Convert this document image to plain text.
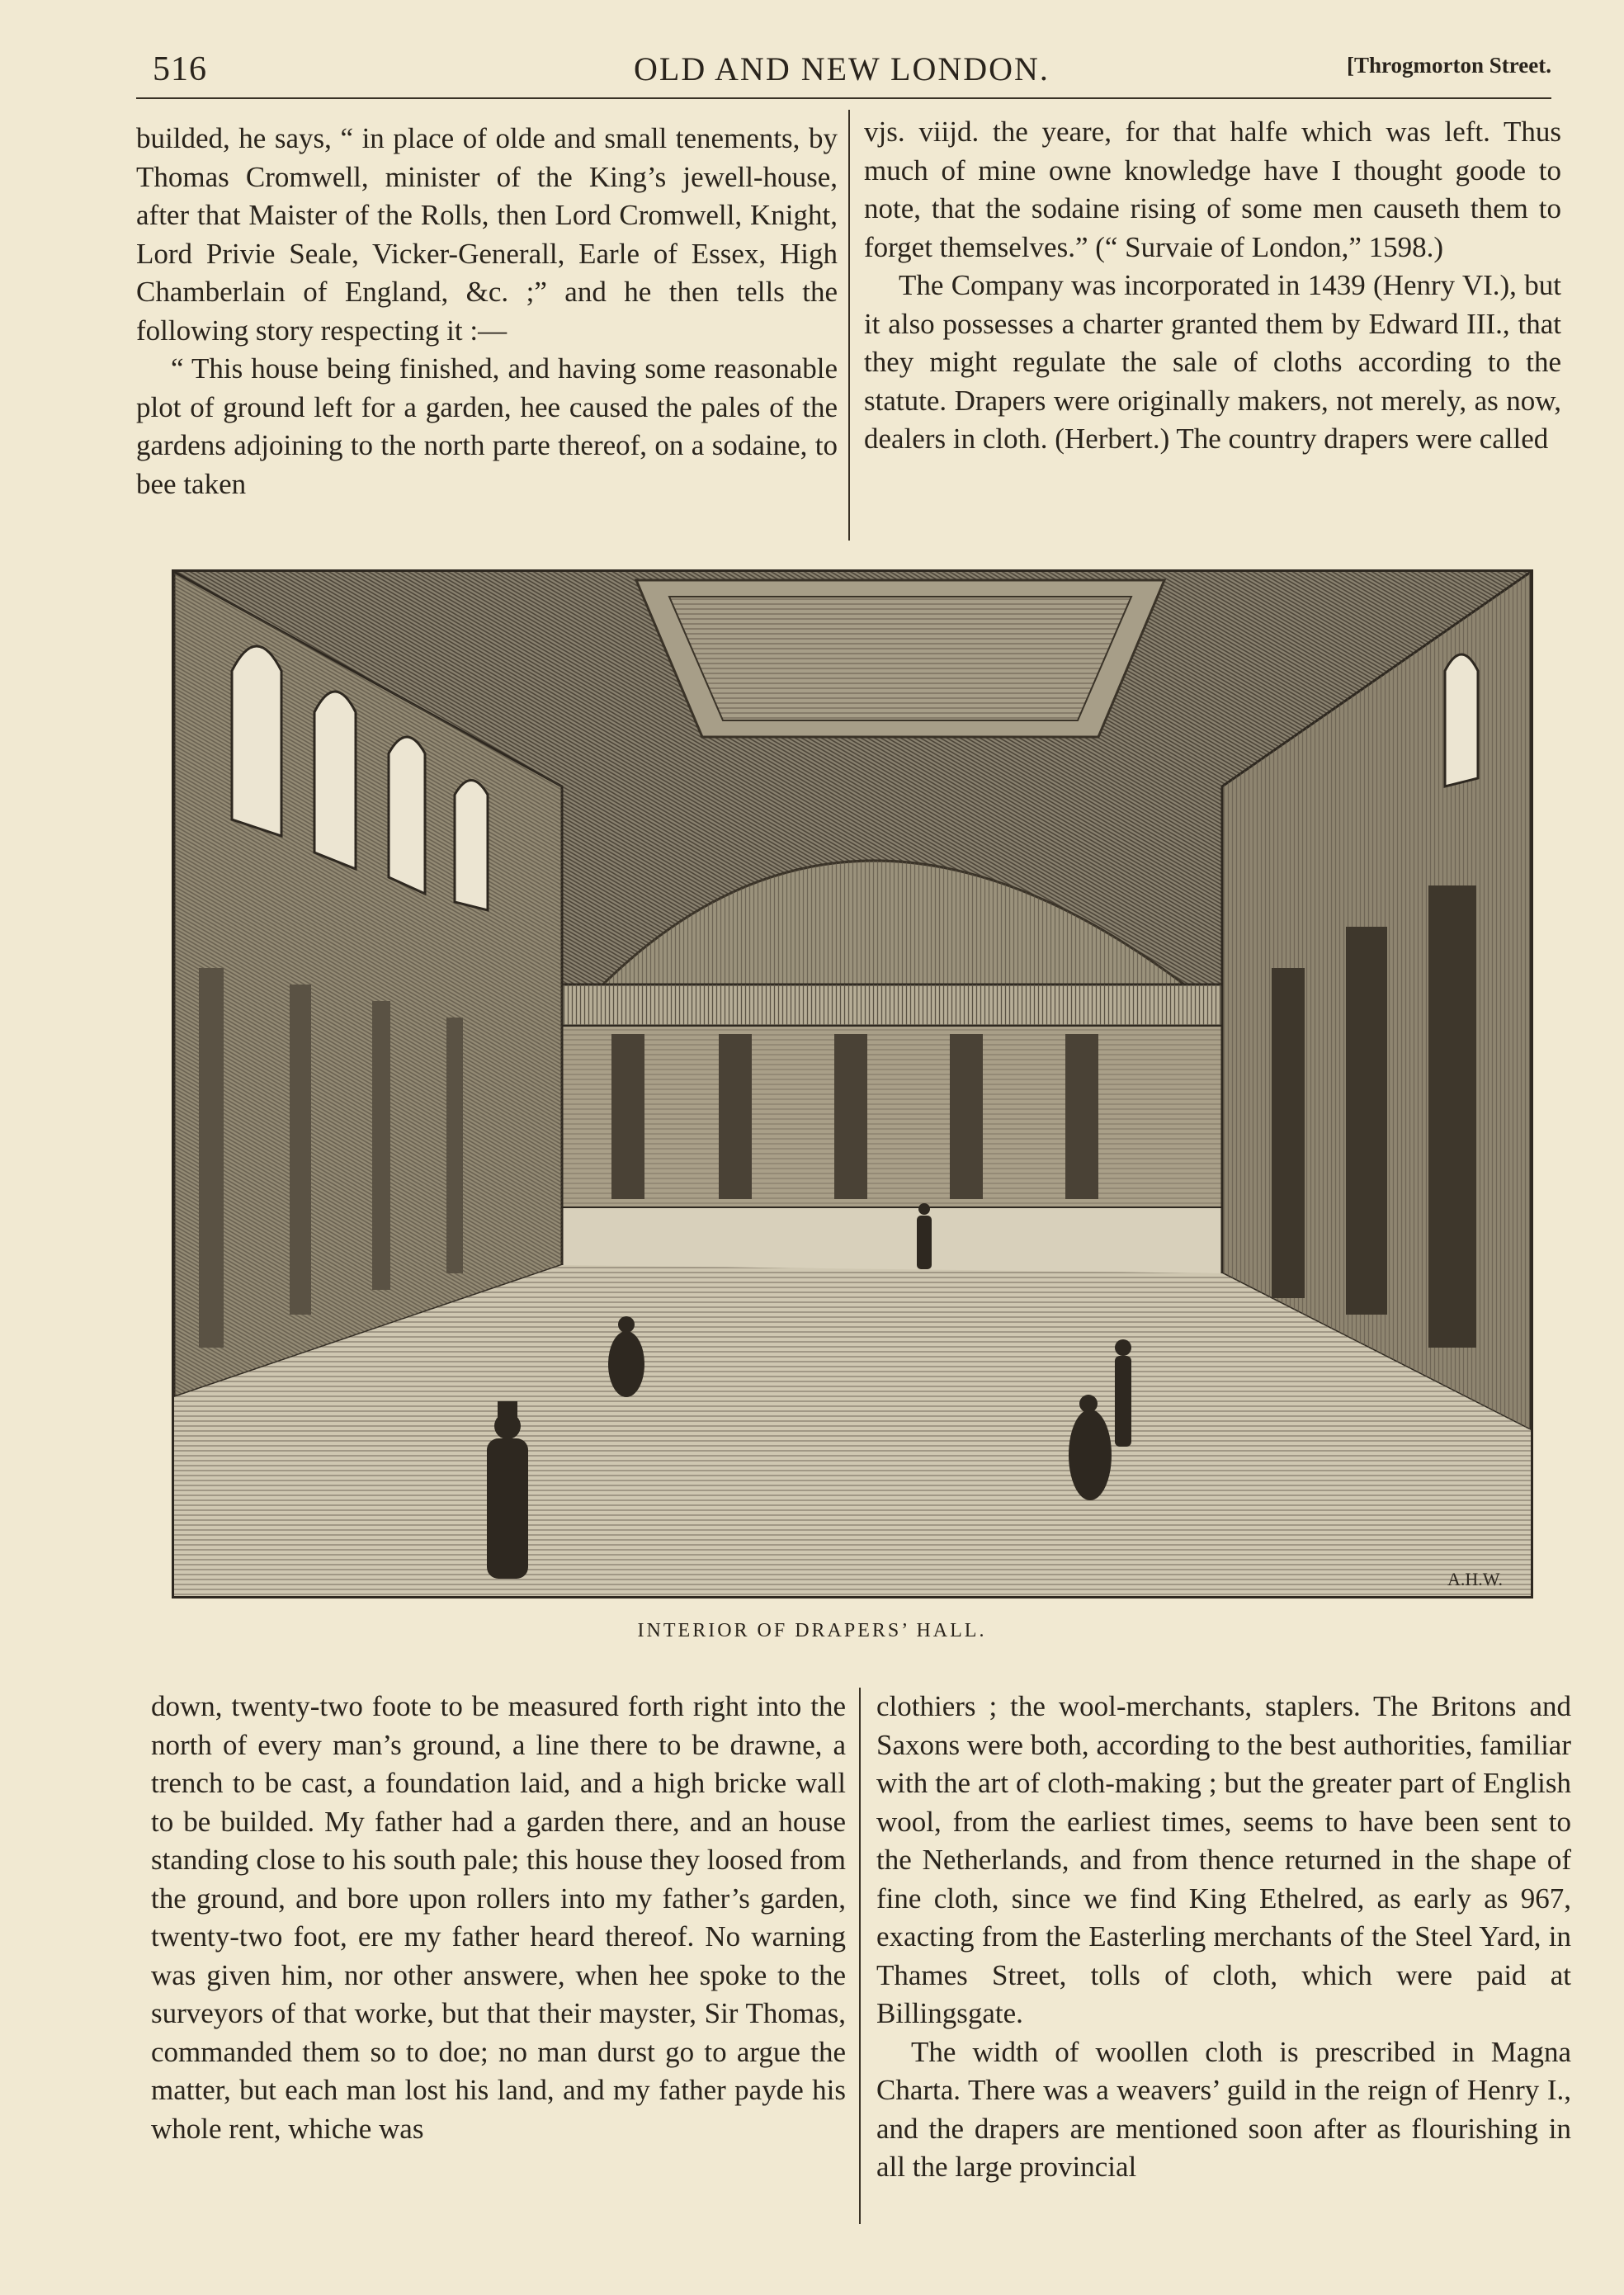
516	OLD AND NEW LONDON.	[Throgmorton Street.

builded, he says, “ in place of olde and small tenements, by Thomas Cromwell, minister of the King’s jewell-house, after that Maister of the Rolls, then Lord Cromwell, Knight, Lord Privie Seale, Vicker-Generall, Earle of Essex, High Chamberlain of England, &c. ;” and he then tells the following story respecting it :—

“ This house being finished, and having some reasonable plot of ground left for a garden, hee caused the pales of the gardens adjoining to the north parte thereof, on a sodaine, to bee taken

vjs. viijd. the yeare, for that halfe which was left. Thus much of mine owne knowledge have I thought goode to note, that the sodaine rising of some men causeth them to forget themselves.” (“ Survaie of London,” 1598.)

The Company was incorporated in 1439 (Henry VI.), but it also possesses a charter granted them by Edward III., that they might regulate the sale of cloths according to the statute. Drapers were originally makers, not merely, as now, dealers in cloth. (Herbert.) The country drapers were called

A.H.W.
INTERIOR OF DRAPERS’ HALL.

down, twenty-two foote to be measured forth right into the north of every man’s ground, a line there to be drawne, a trench to be cast, a foundation laid, and a high bricke wall to be builded. My father had a garden there, and an house standing close to his south pale; this house they loosed from the ground, and bore upon rollers into my father’s garden, twenty-two foot, ere my father heard thereof. No warning was given him, nor other answere, when hee spoke to the surveyors of that worke, but that their mayster, Sir Thomas, commanded them so to doe; no man durst go to argue the matter, but each man lost his land, and my father payde his whole rent, whiche was

clothiers ; the wool-merchants, staplers. The Britons and Saxons were both, according to the best authorities, familiar with the art of cloth-making ; but the greater part of English wool, from the earliest times, seems to have been sent to the Netherlands, and from thence returned in the shape of fine cloth, since we find King Ethelred, as early as 967, exacting from the Easterling merchants of the Steel Yard, in Thames Street, tolls of cloth, which were paid at Billingsgate.

The width of woollen cloth is prescribed in Magna Charta. There was a weavers’ guild in the reign of Henry I., and the drapers are mentioned soon after as flourishing in all the large provincial
